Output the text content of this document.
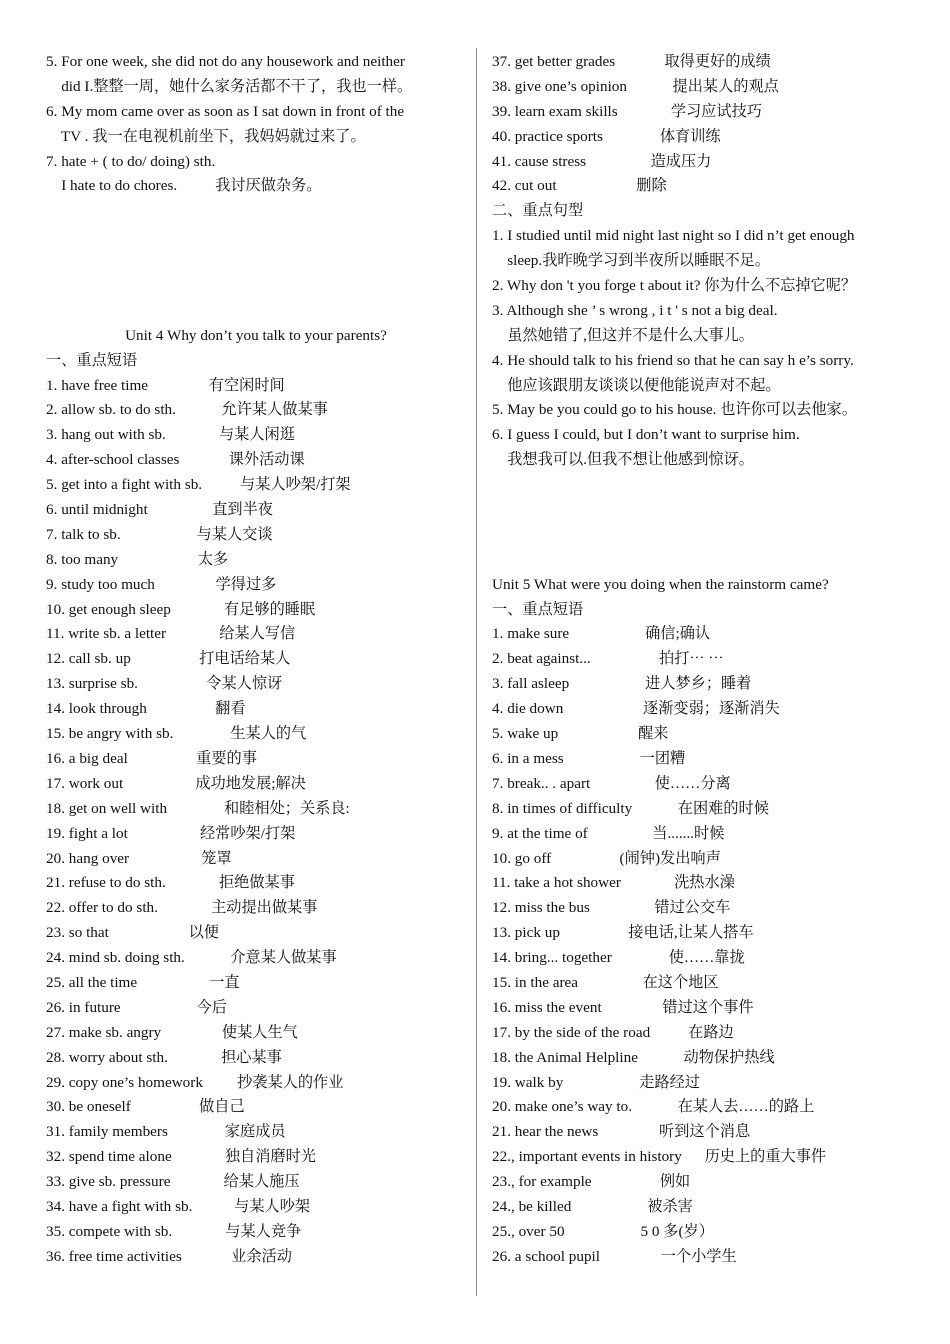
5. For one week, she did not do any housework and neither
did I.整整一周，她什么家务活都不干了，我也一样。
6. My mom came over as soon as I sat down in front of the
TV . 我一在电视机前坐下，我妈妈就过来了。
7. hate + ( to do/ doing) sth.
I hate to do chores.          我讨厌做杂务。
Unit 4 Why don’t you talk to your parents?
一、重点短语
1. have free time                有空闲时间
2. allow sb. to do sth.            允许某人做某事
3. hang out with sb.              与某人闲逛
4. after-school classes             课外活动课
5. get into a fight with sb.          与某人吵架/打架
6. until midnight                 直到半夜
7. talk to sb.                    与某人交谈
8. too many                     太多
9. study too much                学得过多
10. get enough sleep              有足够的睡眠
11. write sb. a letter              给某人写信
12. call sb. up                  打电话给某人
13. surprise sb.                  令某人惊讶
14. look through                  翻看
15. be angry with sb.               生某人的气
16. a big deal                  重要的事
17. work out                   成功地发展;解决
18. get on well with               和睦相处；关系良:
19. fight a lot                   经常吵架/打架
20. hang over                   笼罩
21. refuse to do sth.              拒绝做某事
22. offer to do sth.              主动提出做某事
23. so that                     以便
24. mind sb. doing sth.            介意某人做某事
25. all the time                   一直
26. in future                    今后
27. make sb. angry                使某人生气
28. worry about sth.              担心某事
29. copy one’s homework         抄袭某人的作业
30. be oneself                  做自己
31. family members               家庭成员
32. spend time alone              独自消磨时光
33. give sb. pressure              给某人施压
34. have a fight with sb.           与某人吵架
35. compete with sb.              与某人竞争
36. free time activities             业余活动
37. get better grades             取得更好的成绩
38. give one’s opinion            提出某人的观点
39. learn exam skills              学习应试技巧
40. practice sports               体育训练
41. cause stress                 造成压力
42. cut out                     删除
二、重点句型
1. I studied until mid night last night so I did n’t get enough
sleep.我昨晚学习到半夜所以睡眠不足。
2. Why don 't you forge t about it? 你为什么不忘掉它呢？
3. Although she ’ s wrong , i t ' s not a big deal.
虽然她错了,但这并不是什么大事儿。
4. He should talk to his friend so that he can say h e’s sorry.
他应该跟朋友谈谈以便他能说声对不起。
5. May be you could go to his house. 也许你可以去他家。
6. I guess I could, but I don’t want to surprise him.
我想我可以.但我不想让他感到惊讶。
Unit 5 What were you doing when the rainstorm came?
一、重点短语
1. make sure                    确信;确认
2. beat against...                  拍打⋯ ⋯
3. fall asleep                    进人梦乡；睡着
4. die down                     逐渐变弱；逐渐消失
5. wake up                     醒来
6. in a mess                    一团糟
7. break.. . apart                 使……分离
8. in times of difficulty            在困难的时候
9. at the time of                 当.......时候
10. go off                  (闹钟)发出响声
11. take a hot shower              洗热水澡
12. miss the bus                 错过公交车
13. pick up                  接电话,让某人搭车
14. bring... together               使……靠拢
15. in the area                 在这个地区
16. miss the event                错过这个事件
17. by the side of the road          在路边
18. the Animal Helpline            动物保护热线
19. walk by                    走路经过
20. make one’s way to.            在某人去……的路上
21. hear the news                听到这个消息
22., important events in history      历史上的重大事件
23., for example                  例如
24., be killed                    被杀害
25., over 50                    5 0 多(岁）
26. a school pupil                一个小学生
